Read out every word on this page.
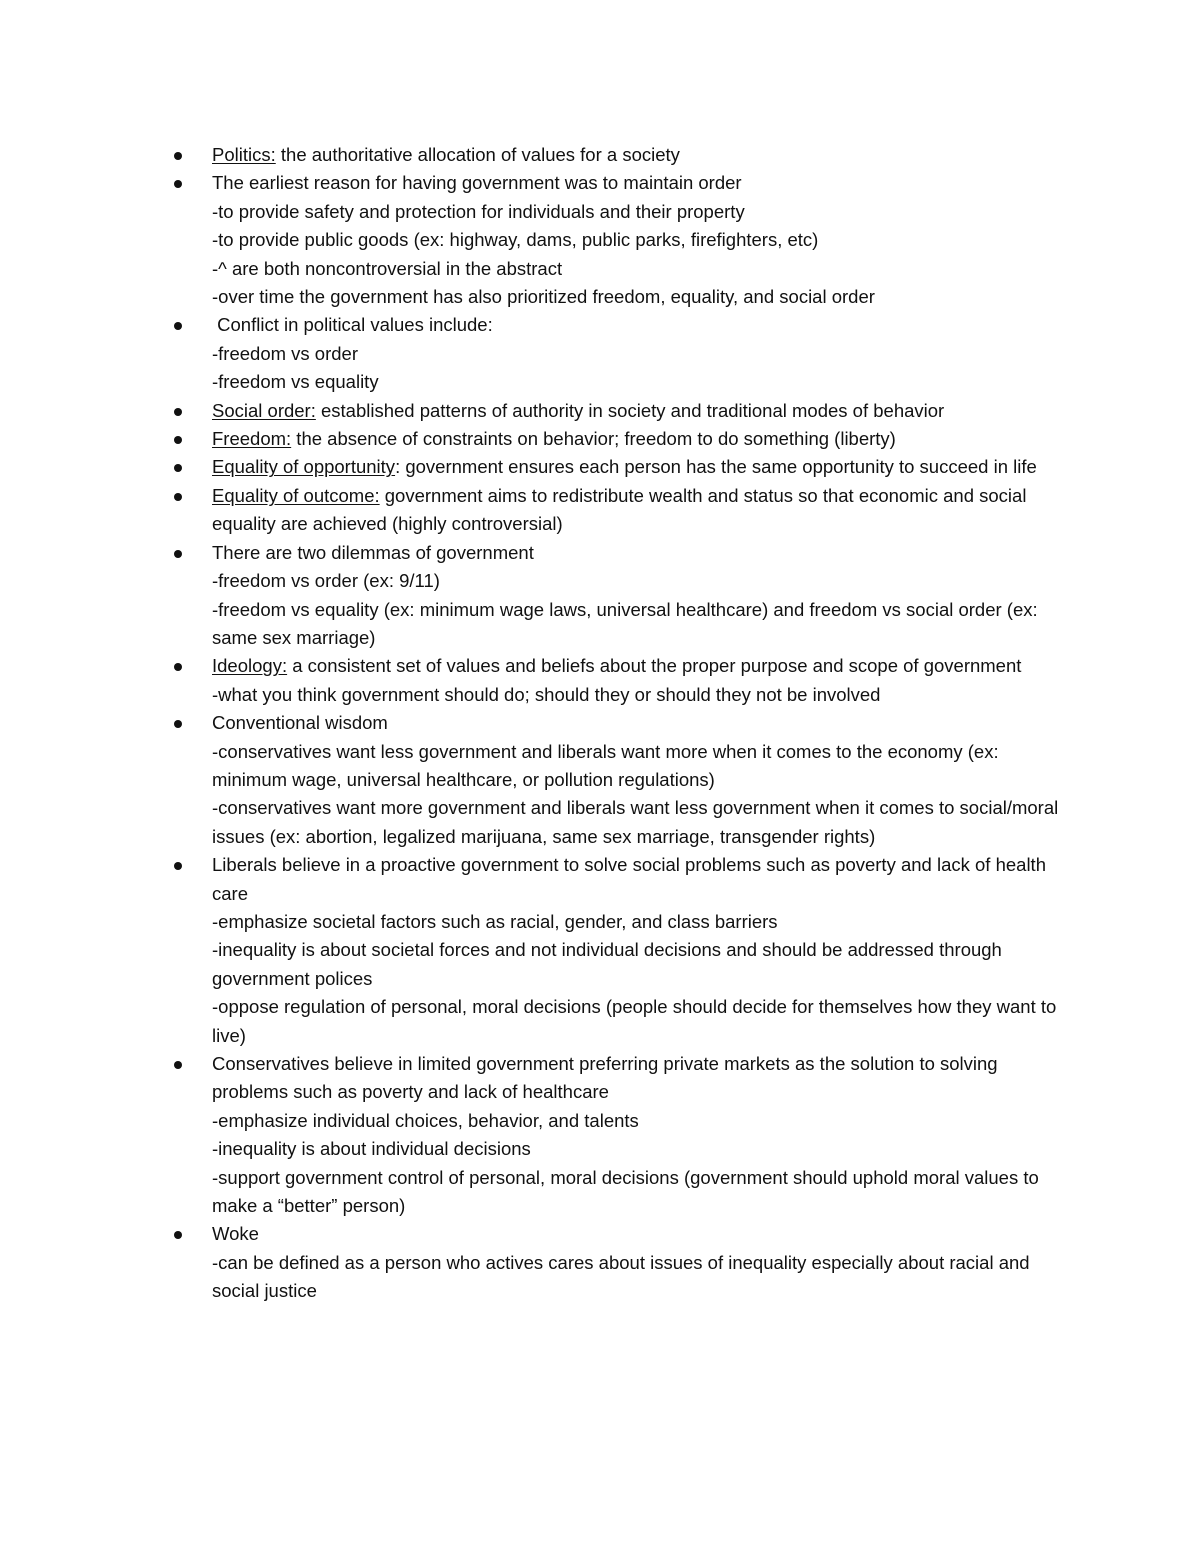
Politics: the authoritative allocation of values for a society
The earliest reason for having government was to maintain order
-to provide safety and protection for individuals and their property
-to provide public goods (ex: highway, dams, public parks, firefighters, etc)
-^ are both noncontroversial in the abstract
-over time the government has also prioritized freedom, equality, and social order
Conflict in political values include:
-freedom vs order
-freedom vs equality
Social order: established patterns of authority in society and traditional modes of behavior
Freedom: the absence of constraints on behavior; freedom to do something (liberty)
Equality of opportunity: government ensures each person has the same opportunity to succeed in life
Equality of outcome: government aims to redistribute wealth and status so that economic and social equality are achieved (highly controversial)
There are two dilemmas of government
-freedom vs order (ex: 9/11)
-freedom vs equality (ex: minimum wage laws, universal healthcare) and freedom vs social order (ex: same sex marriage)
Ideology: a consistent set of values and beliefs about the proper purpose and scope of government
-what you think government should do; should they or should they not be involved
Conventional wisdom
-conservatives want less government and liberals want more when it comes to the economy (ex: minimum wage, universal healthcare, or pollution regulations)
-conservatives want more government and liberals want less government when it comes to social/moral issues (ex: abortion, legalized marijuana, same sex marriage, transgender rights)
Liberals believe in a proactive government to solve social problems such as poverty and lack of health care
-emphasize societal factors such as racial, gender, and class barriers
-inequality is about societal forces and not individual decisions and should be addressed through government polices
-oppose regulation of personal, moral decisions (people should decide for themselves how they want to live)
Conservatives believe in limited government preferring private markets as the solution to solving problems such as poverty and lack of healthcare
-emphasize individual choices, behavior, and talents
-inequality is about individual decisions
-support government control of personal, moral decisions (government should uphold moral values to make a “better” person)
Woke
-can be defined as a person who actives cares about issues of inequality especially about racial and social justice
